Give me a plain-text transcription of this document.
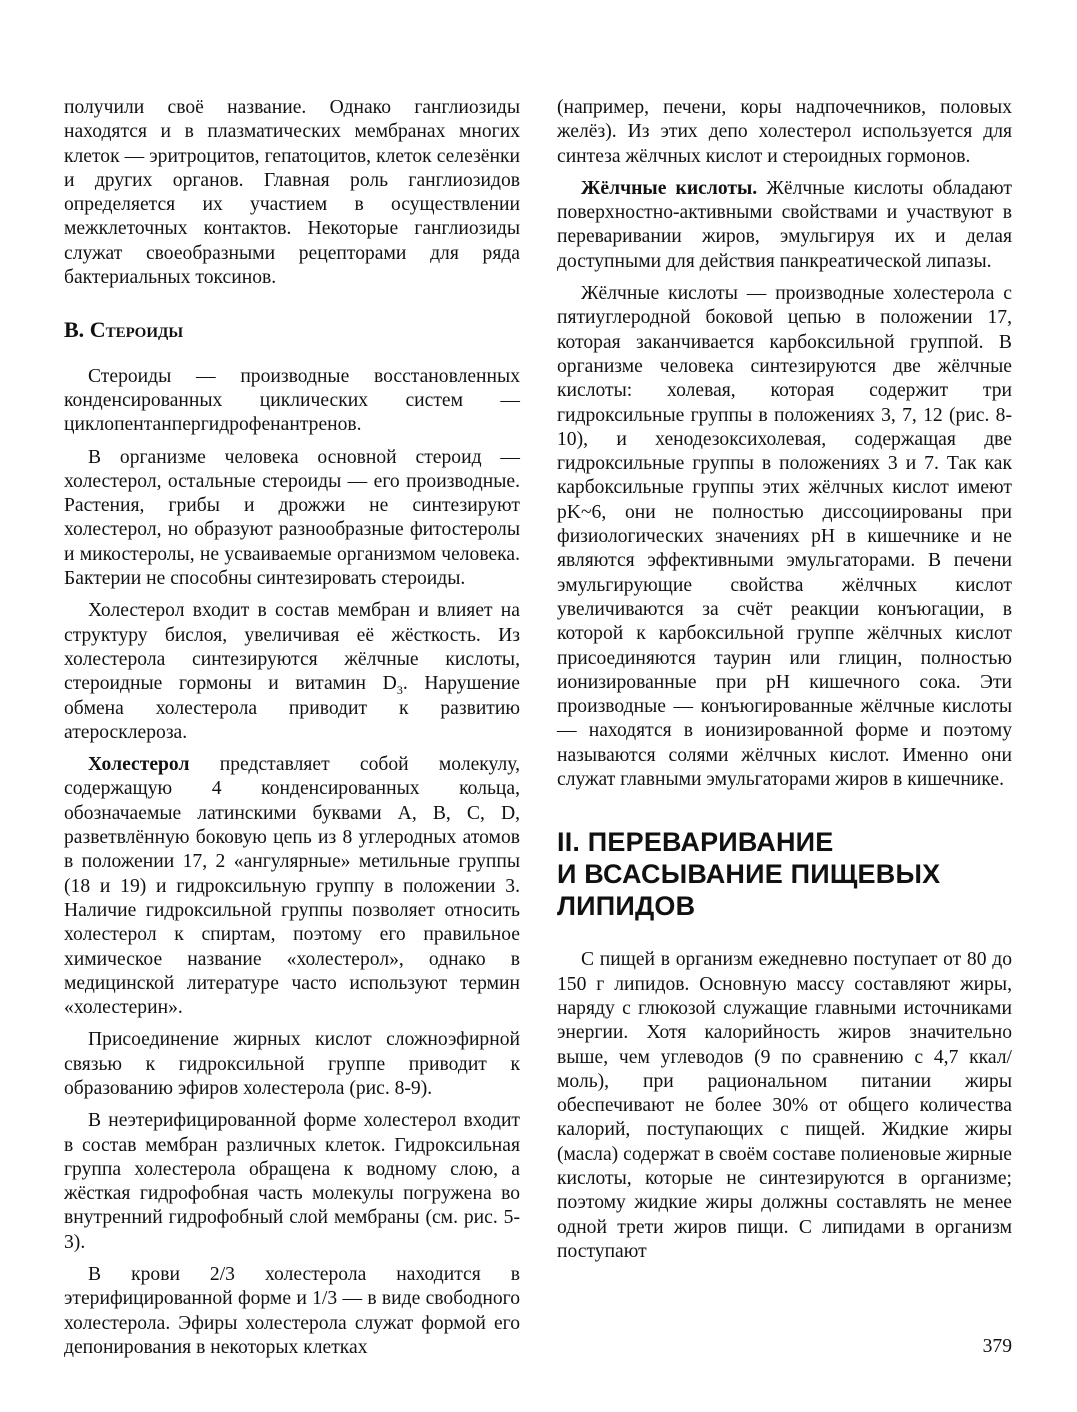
получили своё название. Однако ганглиозиды находятся и в плазматических мембранах многих клеток — эритроцитов, гепатоцитов, клеток селезёнки и других органов. Главная роль ганглиозидов определяется их участием в осуществлении межклеточных контактов. Некоторые ганглиозиды служат своеобразными рецепторами для ряда бактериальных токсинов.

В. Стероиды

Стероиды — производные восстановленных конденсированных циклических систем — циклопентанпергидрофенантренов.

В организме человека основной стероид — холестерол, остальные стероиды — его производные. Растения, грибы и дрожжи не синтезируют холестерол, но образуют разнообразные фитостеролы и микостеролы, не усваиваемые организмом человека. Бактерии не способны синтезировать стероиды.

Холестерол входит в состав мембран и влияет на структуру бислоя, увеличивая её жёсткость. Из холестерола синтезируются жёлчные кислоты, стероидные гормоны и витамин $D_3$. Нарушение обмена холестерола приводит к развитию атеросклероза.

Холестерол представляет собой молекулу, содержащую 4 конденсированных кольца, обозначаемые латинскими буквами A, B, C, D, разветвлённую боковую цепь из 8 углеродных атомов в положении 17, 2 «ангулярные» метильные группы (18 и 19) и гидроксильную группу в положении 3. Наличие гидроксильной группы позволяет относить холестерол к спиртам, поэтому его правильное химическое название «холестерол», однако в медицинской литературе часто используют термин «холестерин».

Присоединение жирных кислот сложноэфирной связью к гидроксильной группе приводит к образованию эфиров холестерола (рис. 8-9).

В неэтерифицированной форме холестерол входит в состав мембран различных клеток. Гидроксильная группа холестерола обращена к водному слою, а жёсткая гидрофобная часть молекулы погружена во внутренний гидрофобный слой мембраны (см. рис. 5-3).

В крови 2/3 холестерола находится в этерифицированной форме и 1/3 — в виде свободного холестерола. Эфиры холестерола служат формой его депонирования в некоторых клетках

(например, печени, коры надпочечников, половых желёз). Из этих депо холестерол используется для синтеза жёлчных кислот и стероидных гормонов.

Жёлчные кислоты. Жёлчные кислоты обладают поверхностно-активными свойствами и участвуют в переваривании жиров, эмульгируя их и делая доступными для действия панкреатической липазы.

Жёлчные кислоты — производные холестерола с пятиуглеродной боковой цепью в положении 17, которая заканчивается карбоксильной группой. В организме человека синтезируются две жёлчные кислоты: холевая, которая содержит три гидроксильные группы в положениях 3, 7, 12 (рис. 8-10), и хенодезоксихолевая, содержащая две гидроксильные группы в положениях 3 и 7. Так как карбоксильные группы этих жёлчных кислот имеют pK~6, они не полностью диссоциированы при физиологических значениях pH в кишечнике и не являются эффективными эмульгаторами. В печени эмульгирующие свойства жёлчных кислот увеличиваются за счёт реакции конъюгации, в которой к карбоксильной группе жёлчных кислот присоединяются таурин или глицин, полностью ионизированные при pH кишечного сока. Эти производные — конъюгированные жёлчные кислоты — находятся в ионизированной форме и поэтому называются солями жёлчных кислот. Именно они служат главными эмульгаторами жиров в кишечнике.

II. ПЕРЕВАРИВАНИЕ
И ВСАСЫВАНИЕ ПИЩЕВЫХ
ЛИПИДОВ

С пищей в организм ежедневно поступает от 80 до 150 г липидов. Основную массу составляют жиры, наряду с глюкозой служащие главными источниками энергии. Хотя калорийность жиров значительно выше, чем углеводов (9 по сравнению с 4,7 ккал/моль), при рациональном питании жиры обеспечивают не более 30% от общего количества калорий, поступающих с пищей. Жидкие жиры (масла) содержат в своём составе полиеновые жирные кислоты, которые не синтезируются в организме; поэтому жидкие жиры должны составлять не менее одной трети жиров пищи. С липидами в организм поступают

379
